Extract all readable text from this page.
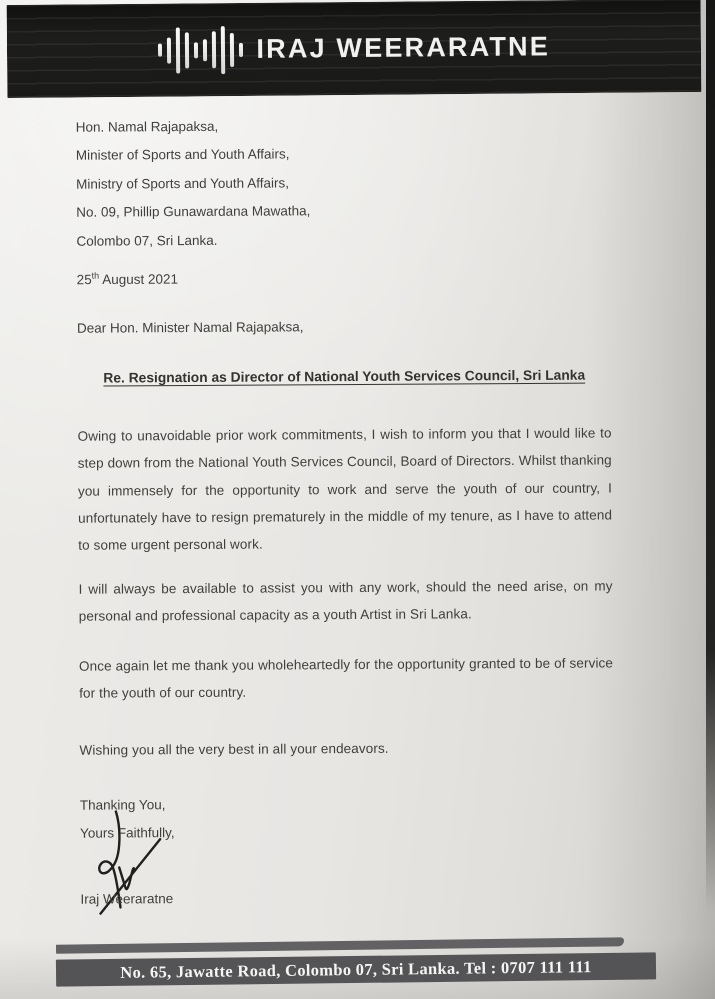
IRAJ WEERARATNE
Hon. Namal Rajapaksa,
Minister of Sports and Youth Affairs,
Ministry of Sports and Youth Affairs,
No. 09, Phillip Gunawardana Mawatha,
Colombo 07, Sri Lanka.
25th August 2021
Dear Hon. Minister Namal Rajapaksa,
Re. Resignation as Director of National Youth Services Council, Sri Lanka
Owing to unavoidable prior work commitments, I wish to inform you that I would like to step down from the National Youth Services Council, Board of Directors. Whilst thanking you immensely for the opportunity to work and serve the youth of our country, I unfortunately have to resign prematurely in the middle of my tenure, as I have to attend to some urgent personal work.
I will always be available to assist you with any work, should the need arise, on my personal and professional capacity as a youth Artist in Sri Lanka.
Once again let me thank you wholeheartedly for the opportunity granted to be of service for the youth of our country.
Wishing you all the very best in all your endeavors.
Thanking You,
Yours Faithfully,
Iraj Weeraratne
No. 65, Jawatte Road, Colombo 07, Sri Lanka. Tel : 0707 111 111
